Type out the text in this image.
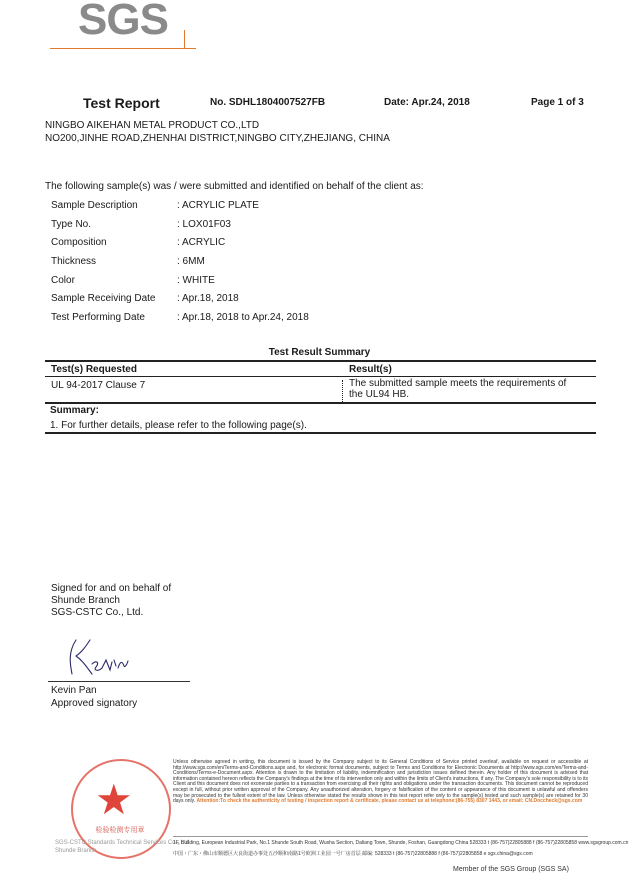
SGS
Test Report	No. SDHL1804007527FB	Date: Apr.24, 2018	Page 1 of 3
NINGBO AIKEHAN METAL PRODUCT CO.,LTD
NO200,JINHE ROAD,ZHENHAI DISTRICT,NINGBO CITY,ZHEJIANG, CHINA
The following sample(s) was / were submitted and identified on behalf of the client as:
Sample Description	: ACRYLIC PLATE
Type No.	: LOX01F03
Composition	: ACRYLIC
Thickness	: 6MM
Color	: WHITE
Sample Receiving Date : Apr.18, 2018
Test Performing Date	: Apr.18, 2018 to Apr.24, 2018
Test Result Summary
Test(s) Requested	Result(s)
UL 94-2017 Clause 7	The submitted sample meets the requirements of
the UL94 HB.
Summary:
1. For further details, please refer to the following page(s).
Signed for and on behalf of
Shunde Branch
SGS-CSTC Co., Ltd.
Kevin Pan
Approved signatory
★
检验检测专用章
SGS-CSTC Standards Technical Services Co., Ltd.
Shunde Branch
Unless otherwise agreed in writing, this document is issued by the Company subject to its General Conditions of Service printed overleaf, available on request or accessible at http://www.sgs.com/en/Terms-and-Conditions.aspx and, for electronic format documents, subject to Terms and Conditions for Electronic Documents at http://www.sgs.com/en/Terms-and-Conditions/Terms-e-Document.aspx. Attention is drawn to the limitation of liability, indemnification and jurisdiction issues defined therein. Any holder of this document is advised that information contained hereon reflects the Company's findings at the time of its intervention only and within the limits of Client's instructions, if any. The Company's sole responsibility is to its Client and this document does not exonerate parties to a transaction from exercising all their rights and obligations under the transaction documents. This document cannot be reproduced except in full, without prior written approval of the Company. Any unauthorized alteration, forgery or falsification of the content or appearance of this document is unlawful and offenders may be prosecuted to the fullest extent of the law. Unless otherwise stated the results shown in this test report refer only to the sample(s) tested and such sample(s) are retained for 30 days only. Attention:To check the authenticity of testing / inspection report & certificate, please contact us at telephone:(86-755) 8307 1443, or email: CN.Doccheck@sgs.com
1F, Building, European Industrial Park, No.1 Shunde South Road, Wusha Section, Daliang Town, Shunde, Foshan, Guangdong China 528333 t (86-757)22805888 f (86-757)22805858 www.sgsgroup.com.cn
中国・广东・佛山市顺德区大良街道办事处五沙顺和南路1号欧洲工业园一号厂房首层 邮编: 528333 t (86-757)22805888 f (86-757)22805858 e sgs.china@sgs.com
Member of the SGS Group (SGS SA)
